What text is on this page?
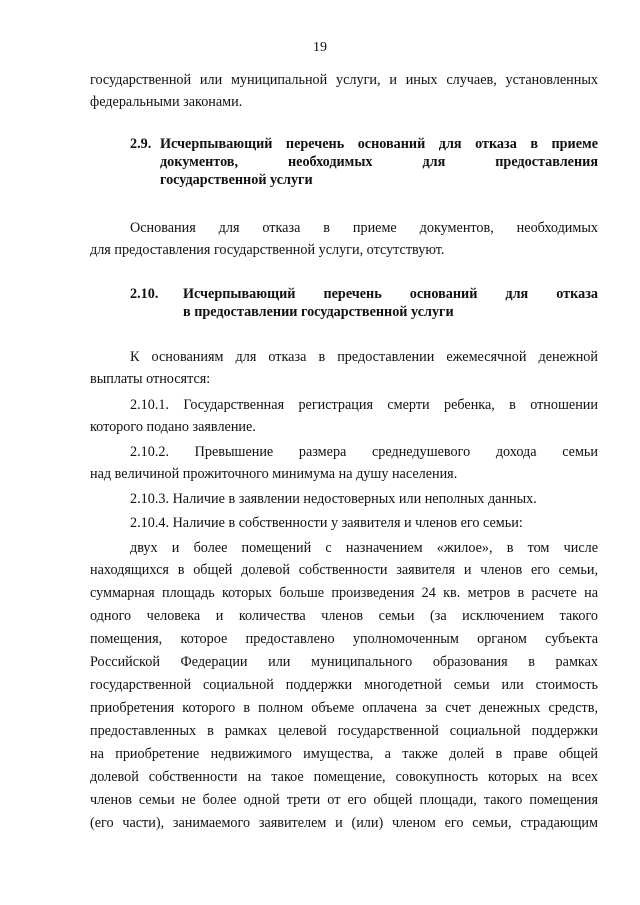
19
государственной или муниципальной услуги, и иных случаев, установленных
федеральными законами.
2.9. Исчерпывающий перечень оснований для отказа в приеме
документов, необходимых для предоставления
государственной услуги
Основания для отказа в приеме документов, необходимых
для предоставления государственной услуги, отсутствуют.
2.10. Исчерпывающий перечень оснований для отказа
в предоставлении государственной услуги
К основаниям для отказа в предоставлении ежемесячной денежной
выплаты относятся:
2.10.1. Государственная регистрация смерти ребенка, в отношении
которого подано заявление.
2.10.2. Превышение размера среднедушевого дохода семьи
над величиной прожиточного минимума на душу населения.
2.10.3. Наличие в заявлении недостоверных или неполных данных.
2.10.4. Наличие в собственности у заявителя и членов его семьи:
двух и более помещений с назначением «жилое», в том числе
находящихся в общей долевой собственности заявителя и членов его семьи,
суммарная площадь которых больше произведения 24 кв. метров в расчете на
одного человека и количества членов семьи (за исключением такого
помещения, которое предоставлено уполномоченным органом субъекта
Российской Федерации или муниципального образования в рамках
государственной социальной поддержки многодетной семьи или стоимость
приобретения которого в полном объеме оплачена за счет денежных средств,
предоставленных в рамках целевой государственной социальной поддержки
на приобретение недвижимого имущества, а также долей в праве общей
долевой собственности на такое помещение, совокупность которых на всех
членов семьи не более одной трети от его общей площади, такого помещения
(его части), занимаемого заявителем и (или) членом его семьи, страдающим
